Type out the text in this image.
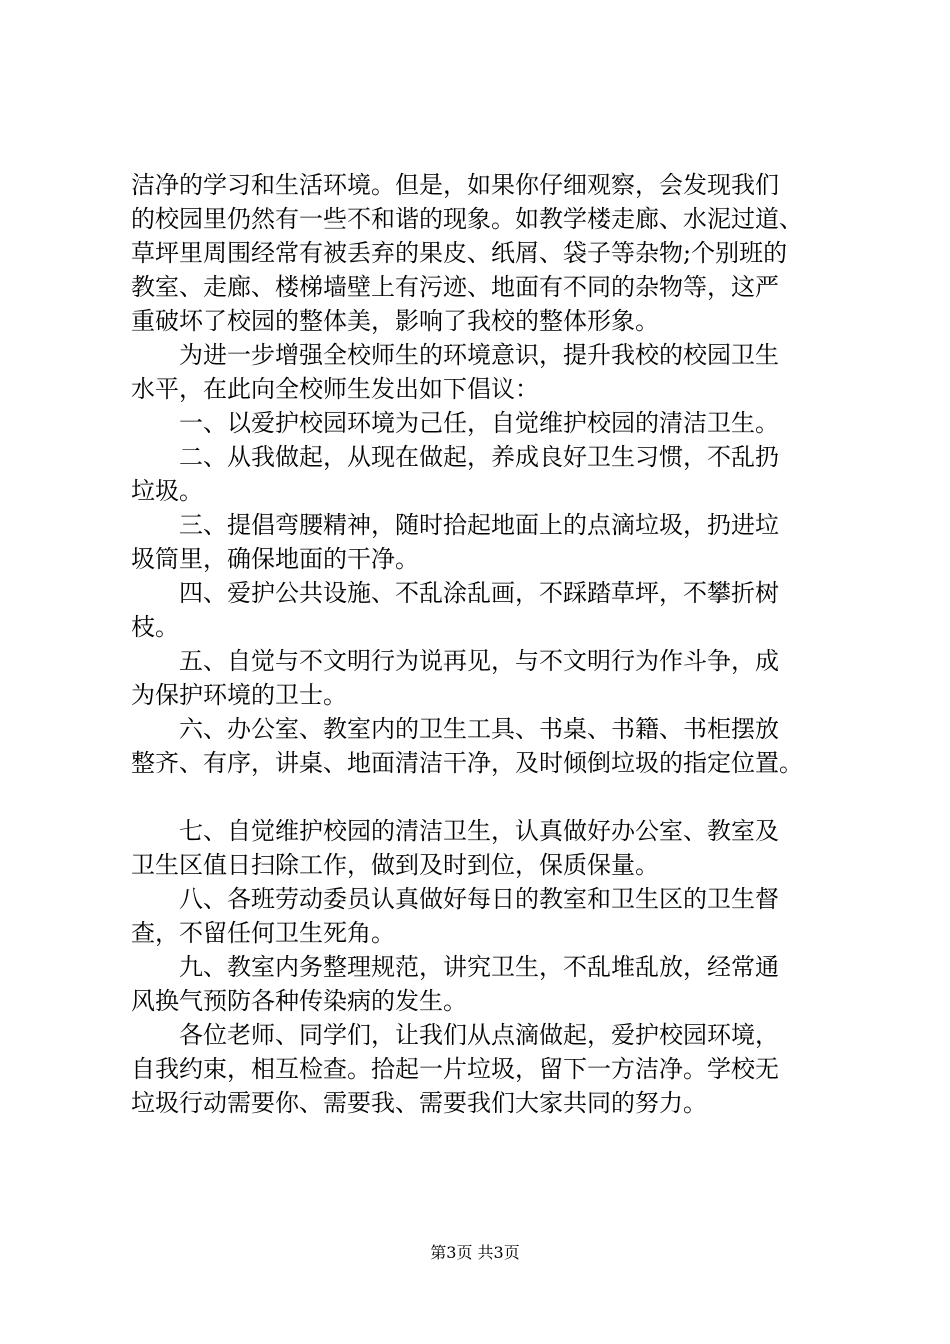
洁净的学习和生活环境。但是，如果你仔细观察，会发现我们
的校园里仍然有一些不和谐的现象。如教学楼走廊、水泥过道、
草坪里周围经常有被丢弃的果皮、纸屑、袋子等杂物;个别班的
教室、走廊、楼梯墙壁上有污迹、地面有不同的杂物等，这严
重破坏了校园的整体美，影响了我校的整体形象。
为进一步增强全校师生的环境意识，提升我校的校园卫生
水平，在此向全校师生发出如下倡议：
一、以爱护校园环境为己任，自觉维护校园的清洁卫生。
二、从我做起，从现在做起，养成良好卫生习惯，不乱扔
垃圾。
三、提倡弯腰精神，随时拾起地面上的点滴垃圾，扔进垃
圾筒里，确保地面的干净。
四、爱护公共设施、不乱涂乱画，不踩踏草坪，不攀折树
枝。
五、自觉与不文明行为说再见，与不文明行为作斗争，成
为保护环境的卫士。
六、办公室、教室内的卫生工具、书桌、书籍、书柜摆放
整齐、有序，讲桌、地面清洁干净，及时倾倒垃圾的指定位置。
七、自觉维护校园的清洁卫生，认真做好办公室、教室及
卫生区值日扫除工作，做到及时到位，保质保量。
八、各班劳动委员认真做好每日的教室和卫生区的卫生督
查，不留任何卫生死角。
九、教室内务整理规范，讲究卫生，不乱堆乱放，经常通
风换气预防各种传染病的发生。
各位老师、同学们，让我们从点滴做起，爱护校园环境，
自我约束，相互检查。拾起一片垃圾，留下一方洁净。学校无
垃圾行动需要你、需要我、需要我们大家共同的努力。
第3页 共3页
